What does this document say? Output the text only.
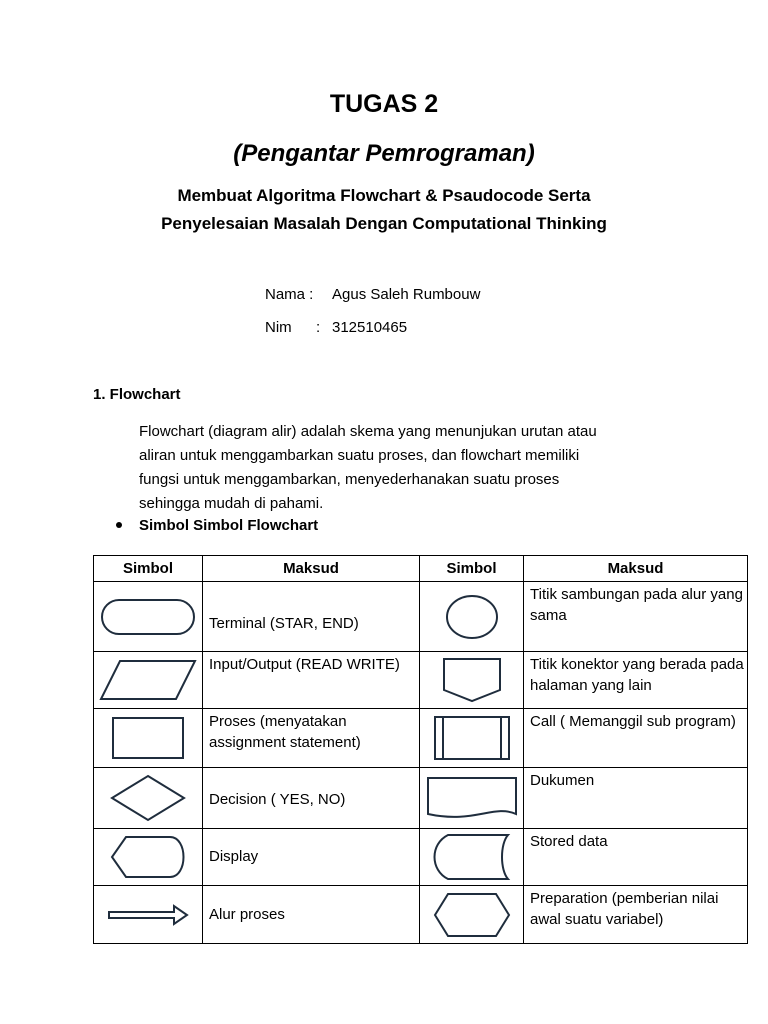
TUGAS 2
(Pengantar Pemrograman)
Membuat Algoritma Flowchart & Psaudocode Serta
Penyelesaian Masalah Dengan Computational Thinking
Nama : Agus Saleh Rumbouw
Nim : 312510465
1. Flowchart
Flowchart (diagram alir) adalah skema yang menunjukan urutan atau
aliran untuk menggambarkan suatu proses, dan flowchart memiliki
fungsi untuk menggambarkan, menyederhanakan suatu proses
sehingga mudah di pahami.
Simbol Simbol Flowchart
Simbol	Maksud	Simbol	Maksud

	Terminal (STAR, END)		Titik sambungan pada alur yang sama

	Input/Output (READ WRITE)		Titik konektor yang berada pada halaman yang lain

	Proses (menyatakan assignment statement)		Call ( Memanggil sub program)

	Decision ( YES, NO)		Dukumen

	Display		Stored data

	Alur proses		Preparation (pemberian nilai awal suatu variabel)
